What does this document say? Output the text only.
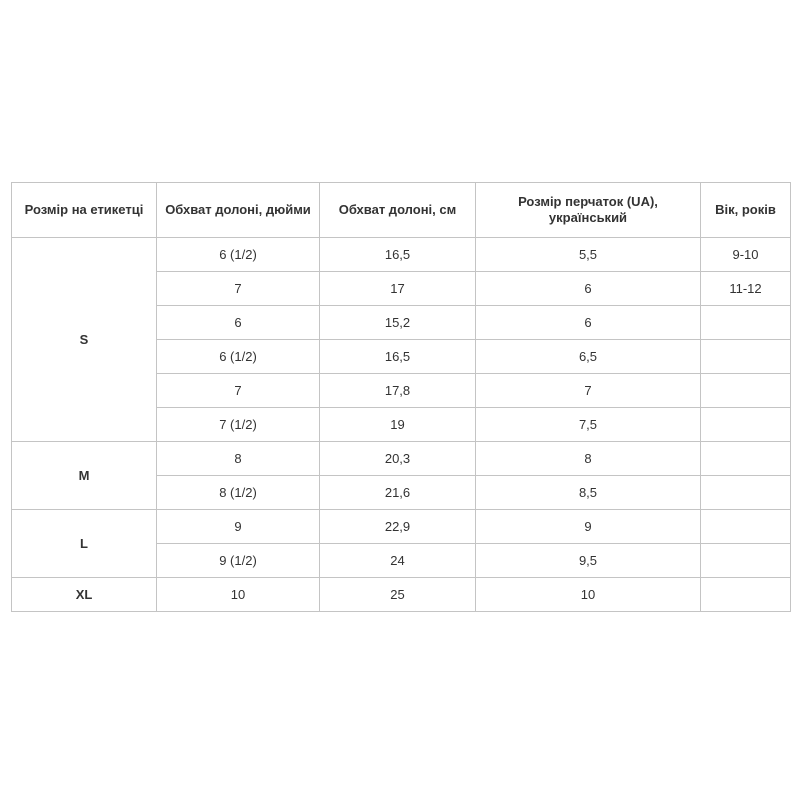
Розмір на етикетці	Обхват долоні, дюйми	Обхват долоні, см	Розмір перчаток (UA), український	Вік, років
S	6 (1/2)	16,5	5,5	9-10
	7	17	6	11-12
	6	15,2	6	
	6 (1/2)	16,5	6,5	
	7	17,8	7	
	7 (1/2)	19	7,5	
M	8	20,3	8	
	8 (1/2)	21,6	8,5	
L	9	22,9	9	
	9 (1/2)	24	9,5	
XL	10	25	10	
